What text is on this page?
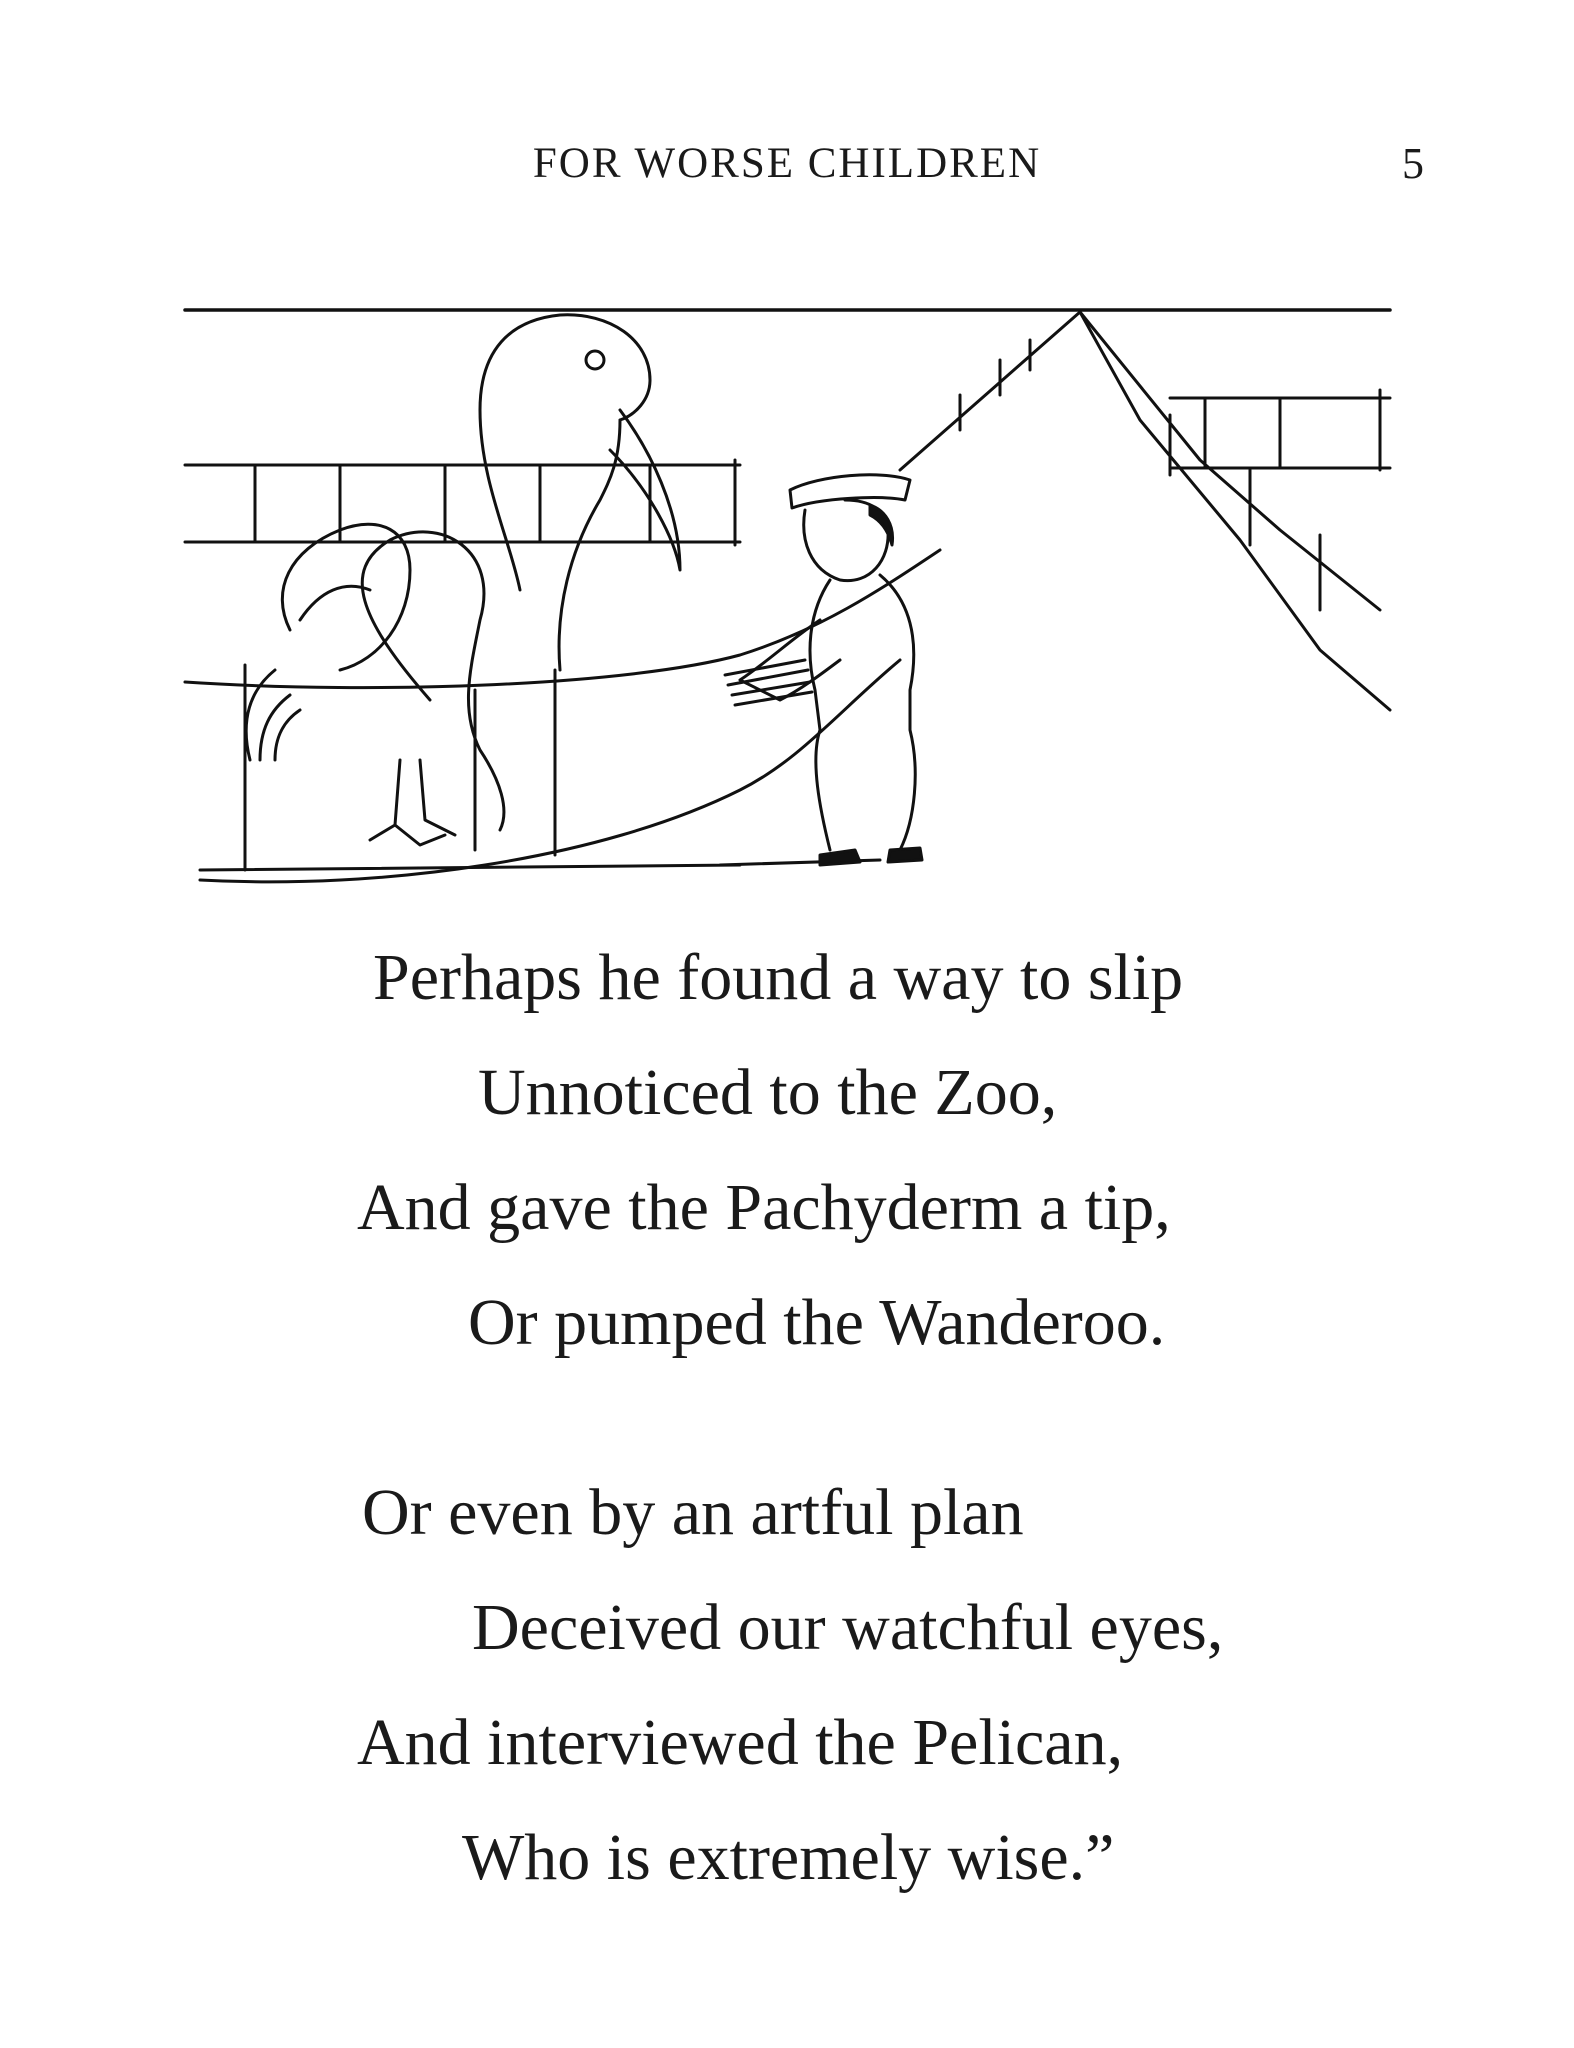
FOR WORSE CHILDREN	5
Perhaps he found a way to slip
Unnoticed to the Zoo,
And gave the Pachyderm a tip,
Or pumped the Wanderoo.
Or even by an artful plan
Deceived our watchful eyes,
And interviewed the Pelican,
Who is extremely wise.”
